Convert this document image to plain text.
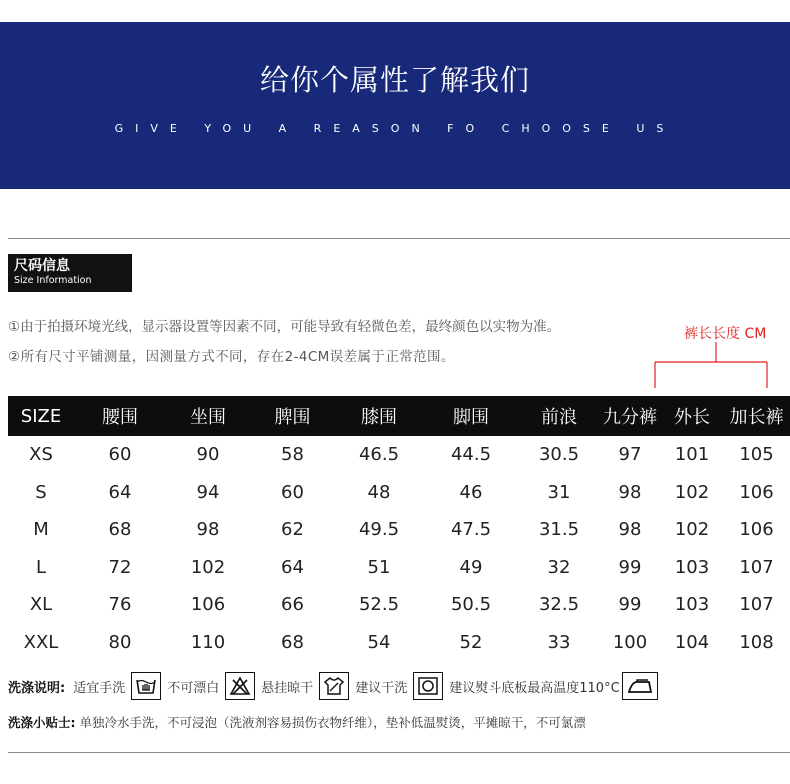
给你个属性了解我们
GIVE YOU A REASON FO CHOOSE US
尺码信息
Size Information
①由于拍摄环境光线，显示器设置等因素不同，可能导致有轻微色差，最终颜色以实物为准。
②所有尺寸平铺测量，因测量方式不同，存在2-4CM误差属于正常范围。
裤长长度 CM
SIZE	腰围	坐围	脾围	膝围	脚围	前浪	九分裤	外长	加长裤
XS	60	90	58	46.5	44.5	30.5	97	101	105
S	64	94	60	48	46	31	98	102	106
M	68	98	62	49.5	47.5	31.5	98	102	106
L	72	102	64	51	49	32	99	103	107
XL	76	106	66	52.5	50.5	32.5	99	103	107
XXL	80	110	68	54	52	33	100	104	108
洗涤说明: 适宜手洗	不可漂白	悬挂晾干	建议干洗	建议熨斗底板最高温度110°C
洗涤小贴士: 单独冷水手洗，不可浸泡（洗液剂容易损伤衣物纤维），垫补低温熨烫，平摊晾干，不可氯漂
